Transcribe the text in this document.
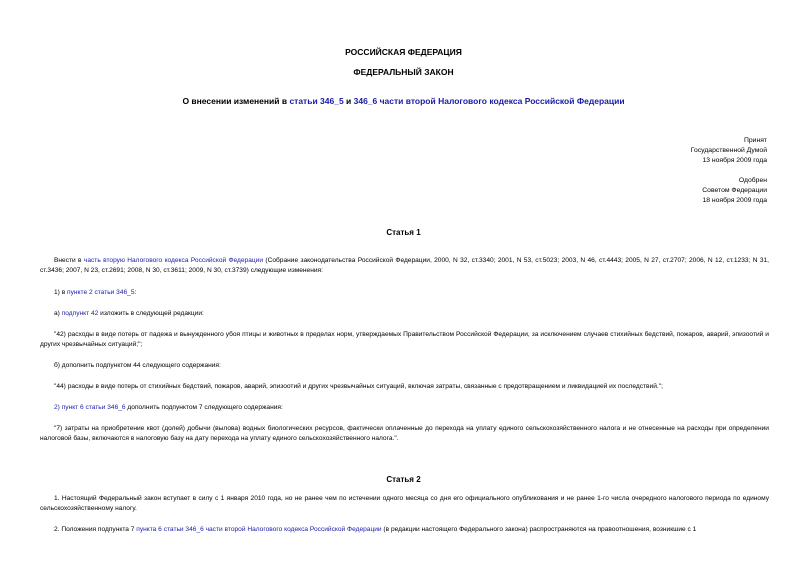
РОССИЙСКАЯ ФЕДЕРАЦИЯ
ФЕДЕРАЛЬНЫЙ ЗАКОН
О внесении изменений в статьи 346_5 и 346_6 части второй Налогового кодекса Российской Федерации
Принят
Государственной Думой
13 ноября 2009 года
Одобрен
Советом Федерации
18 ноября 2009 года
Статья 1
Внести в часть вторую Налогового кодекса Российской Федерации (Собрание законодательства Российской Федерации, 2000, N 32, ст.3340; 2001, N 53, ст.5023; 2003, N 46, ст.4443; 2005, N 27, ст.2707; 2006, N 12, ст.1233; N 31, ст.3436; 2007, N 23, ст.2691; 2008, N 30, ст.3611; 2009, N 30, ст.3739) следующие изменения:
1) в пункте 2 статьи 346_5:
а) подпункт 42 изложить в следующей редакции:
"42) расходы в виде потерь от падежа и вынужденного убоя птицы и животных в пределах норм, утверждаемых Правительством Российской Федерации, за исключением случаев стихийных бедствий, пожаров, аварий, эпизоотий и других чрезвычайных ситуаций;";
б) дополнить подпунктом 44 следующего содержания:
"44) расходы в виде потерь от стихийных бедствий, пожаров, аварий, эпизоотий и других чрезвычайных ситуаций, включая затраты, связанные с предотвращением и ликвидацией их последствий.";
2) пункт 6 статьи 346_6 дополнить подпунктом 7 следующего содержания:
"7) затраты на приобретение квот (долей) добычи (вылова) водных биологических ресурсов, фактически оплаченные до перехода на уплату единого сельскохозяйственного налога и не отнесенные на расходы при определении налоговой базы, включаются в налоговую базу на дату перехода на уплату единого сельскохозяйственного налога.".
Статья 2
1. Настоящий Федеральный закон вступает в силу с 1 января 2010 года, но не ранее чем по истечении одного месяца со дня его официального опубликования и не ранее 1-го числа очередного налогового периода по единому сельскохозяйственному налогу.
2. Положения подпункта 7 пункта 6 статьи 346_6 части второй Налогового кодекса Российской Федерации (в редакции настоящего Федерального закона) распространяются на правоотношения, возникшие с 1
